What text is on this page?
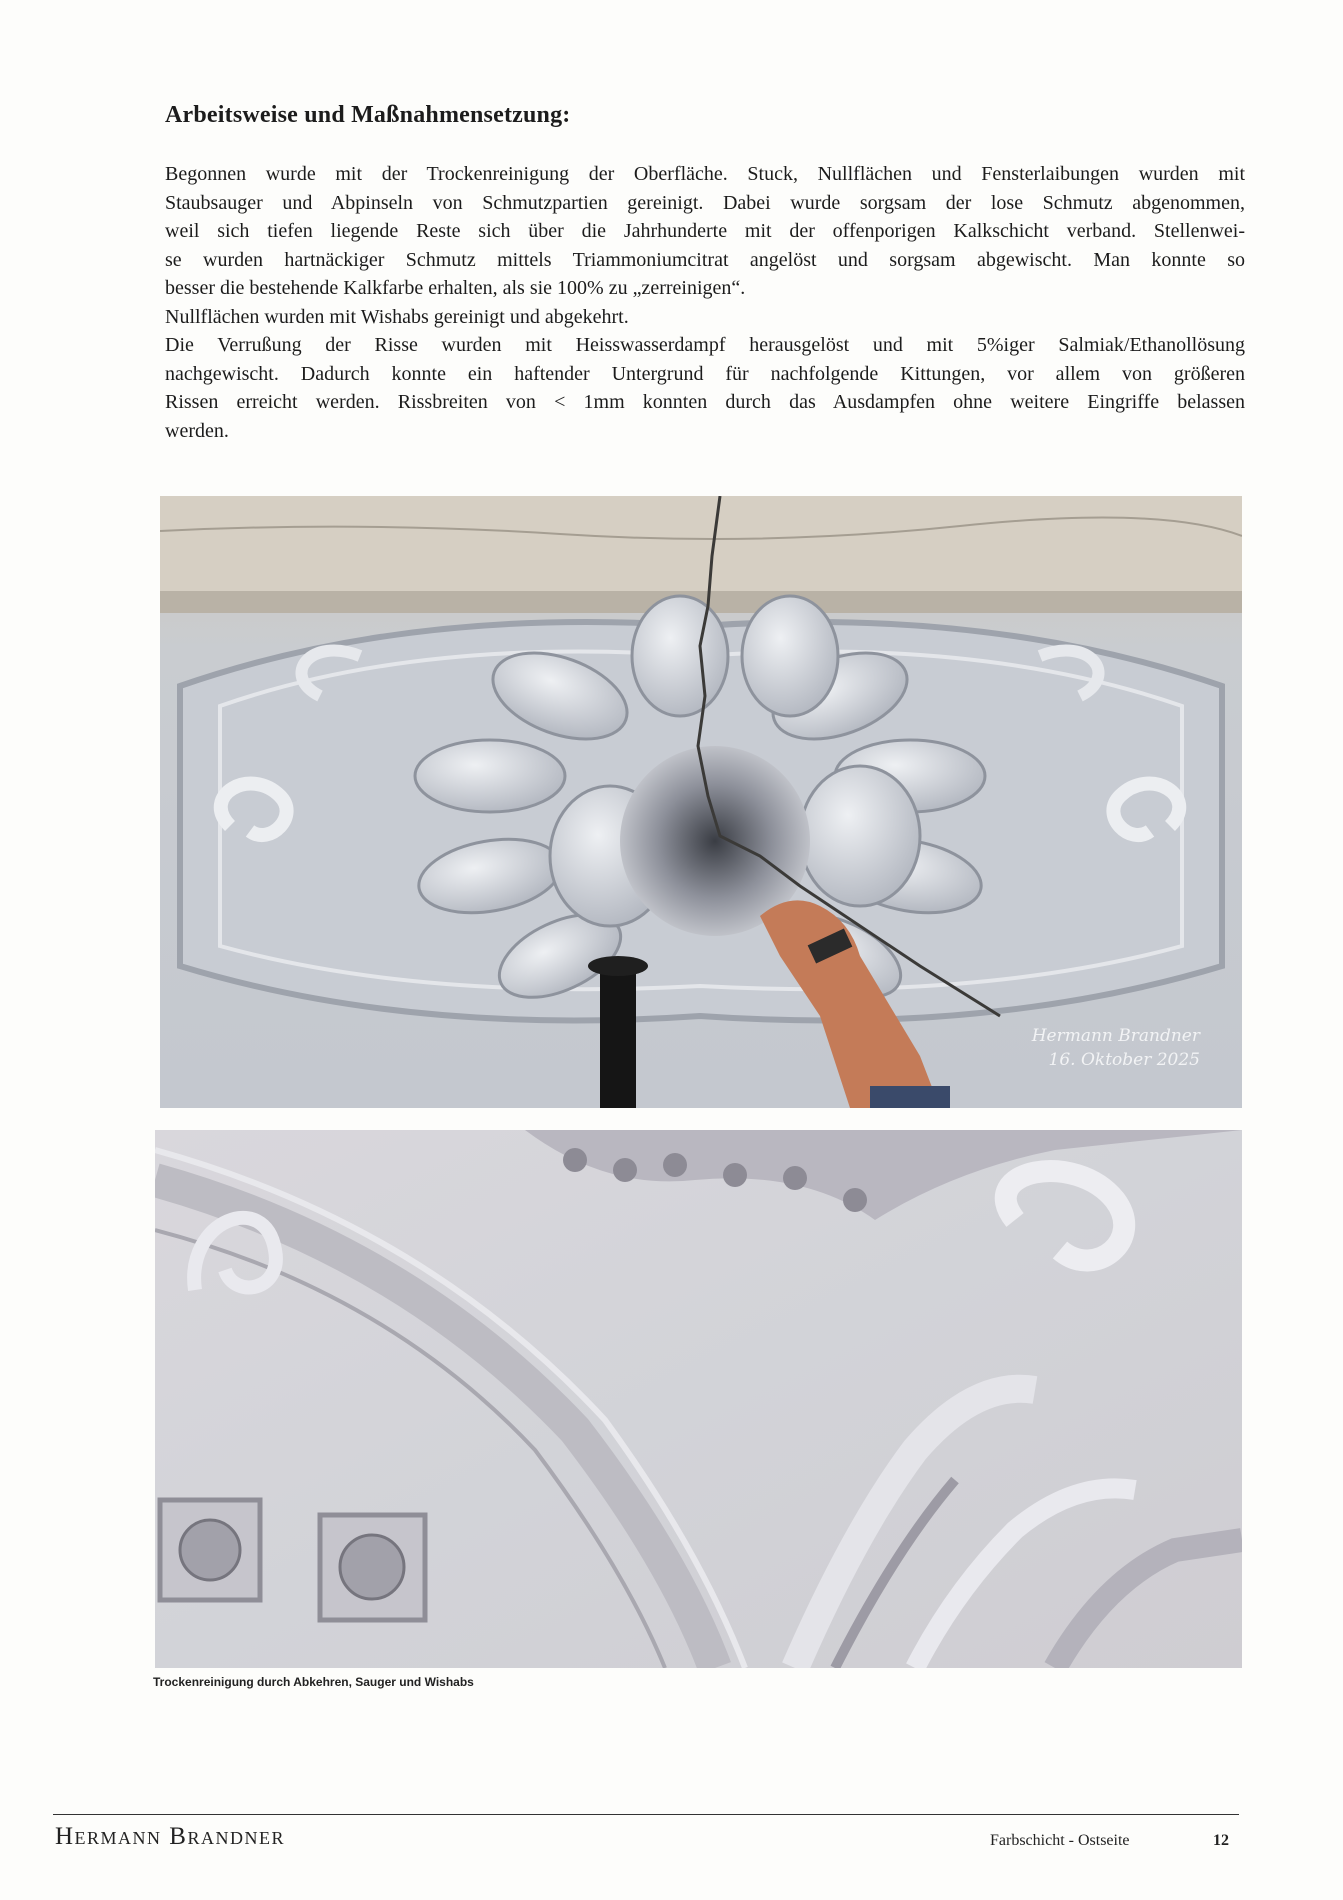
Arbeitsweise und Maßnahmensetzung:
Begonnen wurde mit der Trockenreinigung der Oberfläche. Stuck, Nullflächen und Fensterlaibungen wurden mit
Staubsauger und Abpinseln von Schmutzpartien gereinigt. Dabei wurde sorgsam der lose Schmutz abgenommen,
weil sich tiefen liegende Reste sich über die Jahrhunderte mit der offenporigen Kalkschicht verband. Stellenwei-
se wurden hartnäckiger Schmutz mittels Triammoniumcitrat angelöst und sorgsam abgewischt. Man konnte so
besser die bestehende Kalkfarbe erhalten, als sie 100% zu „zerreinigen“.
Nullflächen wurden mit Wishabs gereinigt und abgekehrt.
Die Verrußung der Risse wurden mit Heisswasserdampf herausgelöst und mit 5%iger Salmiak/Ethanollösung
nachgewischt. Dadurch konnte ein haftender Untergrund für nachfolgende Kittungen, vor allem von größeren
Rissen erreicht werden. Rissbreiten von < 1mm konnten durch das Ausdampfen ohne weitere Eingriffe belassen
werden.
Hermann Brandner
16. Oktober 2025

Trockenreinigung durch Abkehren, Sauger und Wishabs

Hermann Brandner	Farbschicht - Ostseite	12
